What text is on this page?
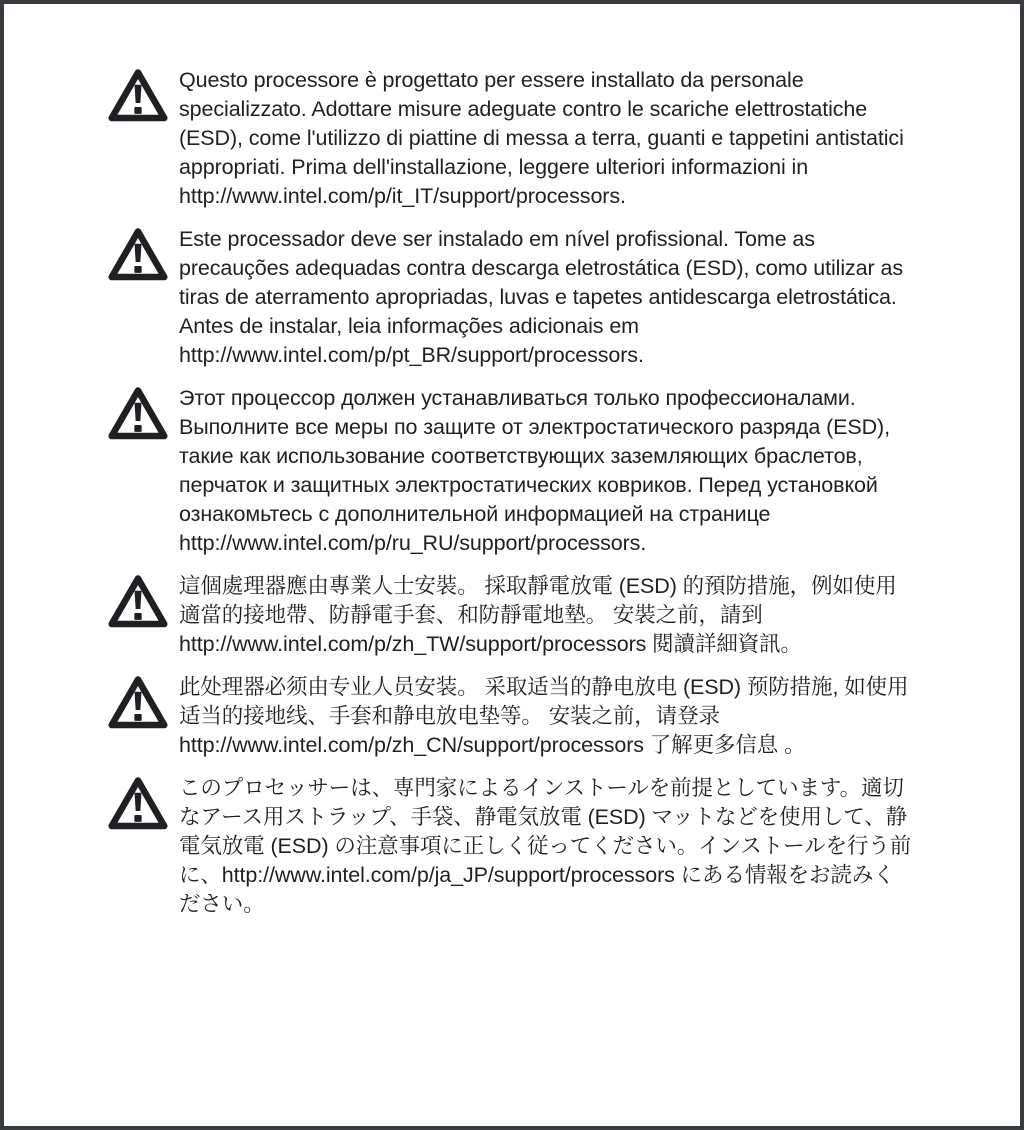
Questo processore è progettato per essere installato da personale specializzato. Adottare misure adeguate contro le scariche elettrostatiche (ESD), come l'utilizzo di piattine di messa a terra, guanti e tappetini antistatici appropriati. Prima dell'installazione, leggere ulteriori informazioni in http://www.intel.com/p/it_IT/support/processors.

Este processador deve ser instalado em nível profissional. Tome as precauções adequadas contra descarga eletrostática (ESD), como utilizar as tiras de aterramento apropriadas, luvas e tapetes antidescarga eletrostática. Antes de instalar, leia informações adicionais em http://www.intel.com/p/pt_BR/support/processors.

Этот процессор должен устанавливаться только профессионалами. Выполните все меры по защите от электростатического разряда (ESD), такие как использование соответствующих заземляющих браслетов, перчаток и защитных электростатических ковриков. Перед установкой ознакомьтесь с дополнительной информацией на странице http://www.intel.com/p/ru_RU/support/processors.

這個處理器應由專業人士安裝。 採取靜電放電 (ESD) 的預防措施，例如使用適當的接地帶、防靜電手套、和防靜電地墊。 安裝之前，請到 http://www.intel.com/p/zh_TW/support/processors 閱讀詳細資訊。

此处理器必须由专业人员安装。 采取适当的静电放电 (ESD) 预防措施, 如使用适当的接地线、手套和静电放电垫等。 安装之前，请登录 http://www.intel.com/p/zh_CN/support/processors 了解更多信息 。

このプロセッサーは、専門家によるインストールを前提としています。適切なアース用ストラップ、手袋、静電気放電 (ESD) マットなどを使用して、静電気放電 (ESD) の注意事項に正しく従ってください。インストールを行う前に、http://www.intel.com/p/ja_JP/support/processors にある情報をお読みください。
